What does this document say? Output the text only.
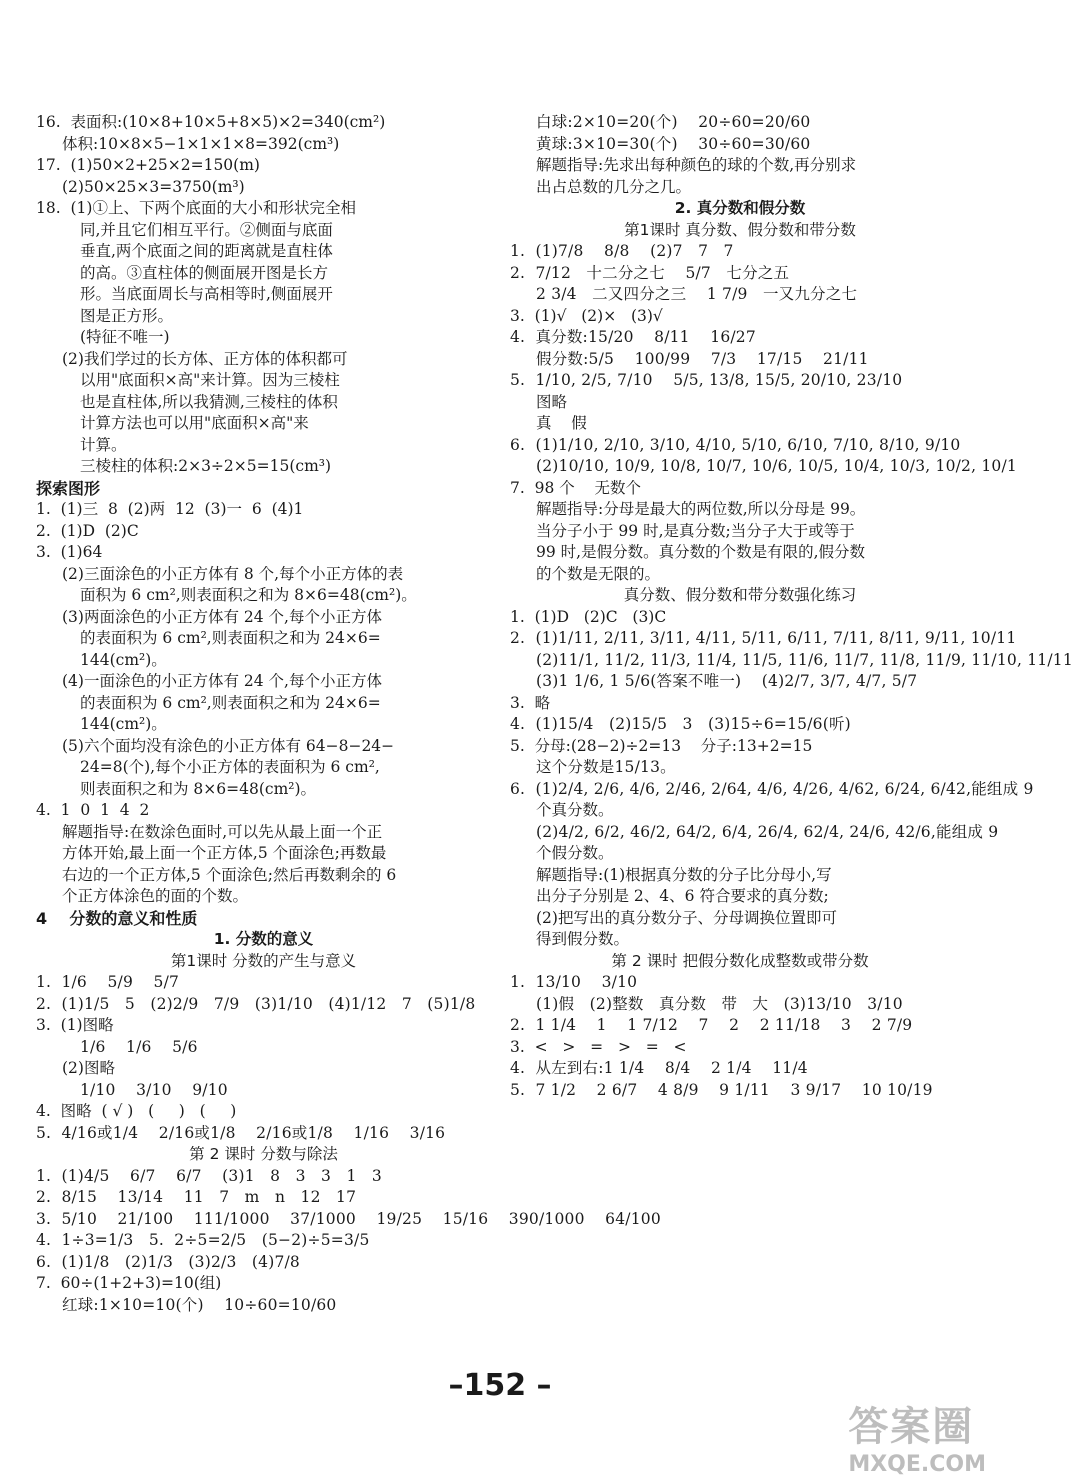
16.  表面积:(10×8+10×5+8×5)×2=340(cm²)
体积:10×8×5−1×1×1×8=392(cm³)
17.  (1)50×2+25×2=150(m)
(2)50×25×3=3750(m³)
18.  (1)①上、下两个底面的大小和形状完全相
同,并且它们相互平行。②侧面与底面
垂直,两个底面之间的距离就是直柱体
的高。③直柱体的侧面展开图是长方
形。当底面周长与高相等时,侧面展开
图是正方形。
(特征不唯一)
(2)我们学过的长方体、正方体的体积都可
以用"底面积×高"来计算。因为三棱柱
也是直柱体,所以我猜测,三棱柱的体积
计算方法也可以用"底面积×高"来
计算。
三棱柱的体积:2×3÷2×5=15(cm³)
探索图形
1.  (1)三  8  (2)两  12  (3)一  6  (4)1
2.  (1)D  (2)C
3.  (1)64
(2)三面涂色的小正方体有 8 个,每个小正方体的表
面积为 6 cm²,则表面积之和为 8×6=48(cm²)。
(3)两面涂色的小正方体有 24 个,每个小正方体
的表面积为 6 cm²,则表面积之和为 24×6=
144(cm²)。
(4)一面涂色的小正方体有 24 个,每个小正方体
的表面积为 6 cm²,则表面积之和为 24×6=
144(cm²)。
(5)六个面均没有涂色的小正方体有 64−8−24−
24=8(个),每个小正方体的表面积为 6 cm²,
则表面积之和为 8×6=48(cm²)。
4.  1  0  1  4  2
解题指导:在数涂色面时,可以先从最上面一个正
方体开始,最上面一个正方体,5 个面涂色;再数最
右边的一个正方体,5 个面涂色;然后再数剩余的 6
个正方体涂色的面的个数。
4    分数的意义和性质
1. 分数的意义
第1课时 分数的产生与意义
1.  1/6    5/9    5/7
2.  (1)1/5   5   (2)2/9   7/9   (3)1/10   (4)1/12   7   (5)1/8
3.  (1)图略
1/6    1/6    5/6
(2)图略
1/10    3/10    9/10
4.  图略  ( √ )   (     )   (     )
5.  4/16或1/4    2/16或1/8    2/16或1/8    1/16    3/16
第 2 课时 分数与除法
1.  (1)4/5    6/7    6/7    (3)1   8   3   3   1   3
2.  8/15    13/14    11   7   m   n   12   17
3.  5/10    21/100    111/1000    37/1000    19/25    15/16    390/1000    64/100
4.  1÷3=1/3   5.  2÷5=2/5   (5−2)÷5=3/5
6.  (1)1/8   (2)1/3   (3)2/3   (4)7/8
7.  60÷(1+2+3)=10(组)
红球:1×10=10(个)    10÷60=10/60
白球:2×10=20(个)    20÷60=20/60
黄球:3×10=30(个)    30÷60=30/60
解题指导:先求出每种颜色的球的个数,再分别求
出占总数的几分之几。
2. 真分数和假分数
第1课时 真分数、假分数和带分数
1.  (1)7/8    8/8    (2)7   7   7
2.  7/12   十二分之七    5/7   七分之五
2 3/4   二又四分之三    1 7/9   一又九分之七
3.  (1)√   (2)×   (3)√
4.  真分数:15/20    8/11    16/27
假分数:5/5    100/99    7/3    17/15    21/11
5.  1/10, 2/5, 7/10    5/5, 13/8, 15/5, 20/10, 23/10
图略
真    假
6.  (1)1/10, 2/10, 3/10, 4/10, 5/10, 6/10, 7/10, 8/10, 9/10
(2)10/10, 10/9, 10/8, 10/7, 10/6, 10/5, 10/4, 10/3, 10/2, 10/1
7.  98 个    无数个
解题指导:分母是最大的两位数,所以分母是 99。
当分子小于 99 时,是真分数;当分子大于或等于
99 时,是假分数。真分数的个数是有限的,假分数
的个数是无限的。
真分数、假分数和带分数强化练习
1.  (1)D   (2)C   (3)C
2.  (1)1/11, 2/11, 3/11, 4/11, 5/11, 6/11, 7/11, 8/11, 9/11, 10/11
(2)11/1, 11/2, 11/3, 11/4, 11/5, 11/6, 11/7, 11/8, 11/9, 11/10, 11/11
(3)1 1/6, 1 5/6(答案不唯一)    (4)2/7, 3/7, 4/7, 5/7
3.  略
4.  (1)15/4   (2)15/5   3   (3)15÷6=15/6(听)
5.  分母:(28−2)÷2=13    分子:13+2=15
这个分数是15/13。
6.  (1)2/4, 2/6, 4/6, 2/46, 2/64, 4/6, 4/26, 4/62, 6/24, 6/42,能组成 9
个真分数。
(2)4/2, 6/2, 46/2, 64/2, 6/4, 26/4, 62/4, 24/6, 42/6,能组成 9
个假分数。
解题指导:(1)根据真分数的分子比分母小,写
出分子分别是 2、4、6 符合要求的真分数;
(2)把写出的真分数分子、分母调换位置即可
得到假分数。
第 2 课时 把假分数化成整数或带分数
1.  13/10    3/10
(1)假   (2)整数   真分数   带   大   (3)13/10   3/10
2.  1 1/4    1    1 7/12    7    2    2 11/18    3    2 7/9
3.  <   >   =   >   =   <
4.  从左到右:1 1/4    8/4    2 1/4    11/4
5.  7 1/2    2 6/7    4 8/9    9 1/11    3 9/17    10 10/19
–152 –
答案圈
MXQE.COM
